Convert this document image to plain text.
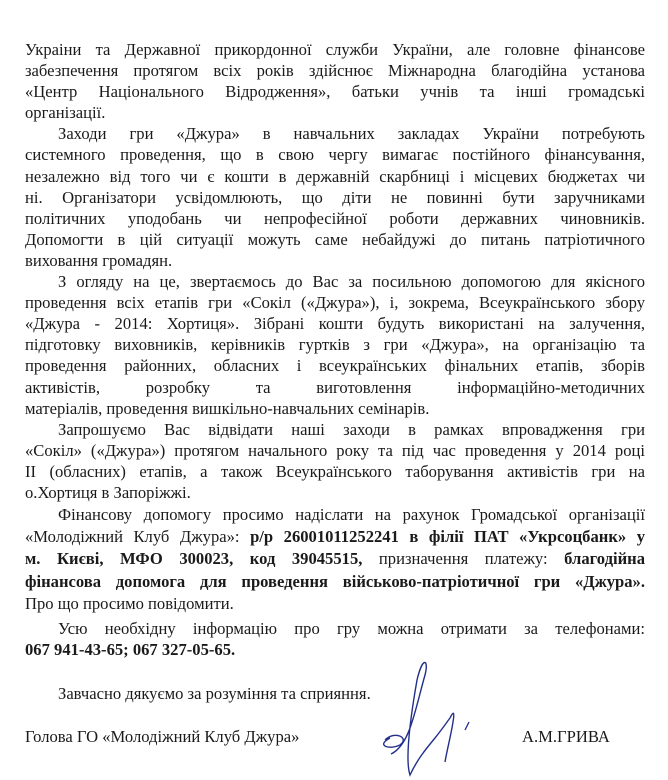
Украіни та Державної прикордонної служби України, але головне фінансове
забезпечення протягом всіх років здійснює Міжнародна благодійна установа
«Центр Національного Відродження», батьки учнів та інші громадські
організації.
Заходи гри «Джура» в навчальних закладах України потребують
системного проведення, що в свою чергу вимагає постійного фінансування,
незалежно від того чи є кошти в державній скарбниці і місцевих бюджетах чи
ні. Організатори усвідомлюють, що діти не повинні бути заручниками
політичних уподобань чи непрофесійної роботи державних чиновників.
Допомогти в цій ситуації можуть саме небайдужі до питань патріотичного
виховання громадян.
З огляду на це, звертаємось до Вас за посильною допомогою для якісного
проведення всіх етапів гри «Сокіл («Джура»), і, зокрема, Всеукраїнського збору
«Джура - 2014: Хортиця». Зібрані кошти будуть використані на залучення,
підготовку виховників, керівників гуртків з гри «Джура», на організацію та
проведення районних, обласних і всеукраїнських фінальних етапів, зборів
активістів, розробку та виготовлення інформаційно-методичних
матеріалів, проведення вишкільно-навчальних семінарів.
Запрошуємо Вас відвідати наші заходи в рамках впровадження гри
«Сокіл» («Джура») протягом начального року та під час проведення у 2014 році
ІІ (обласних) етапів, а також Всеукраїнського таборування активістів гри на
о.Хортиця в Запоріжжі.
Фінансову допомогу просимо надіслати на рахунок Громадської організації
«Молодіжний Клуб Джура»: р/р 26001011252241 в філії ПАТ «Укрсоцбанк» у
м. Києві, МФО 300023, код 39045515, призначення платежу: благодійна
фінансова допомога для проведення військово-патріотичної гри «Джура».
Про що просимо повідомити.
Усю необхідну інформацію про гру можна отримати за телефонами:
067 941-43-65; 067 327-05-65.
Завчасно дякуємо за розуміння та сприяння.
Голова ГО «Молодіжний Клуб Джура»	А.М.ГРИВА
